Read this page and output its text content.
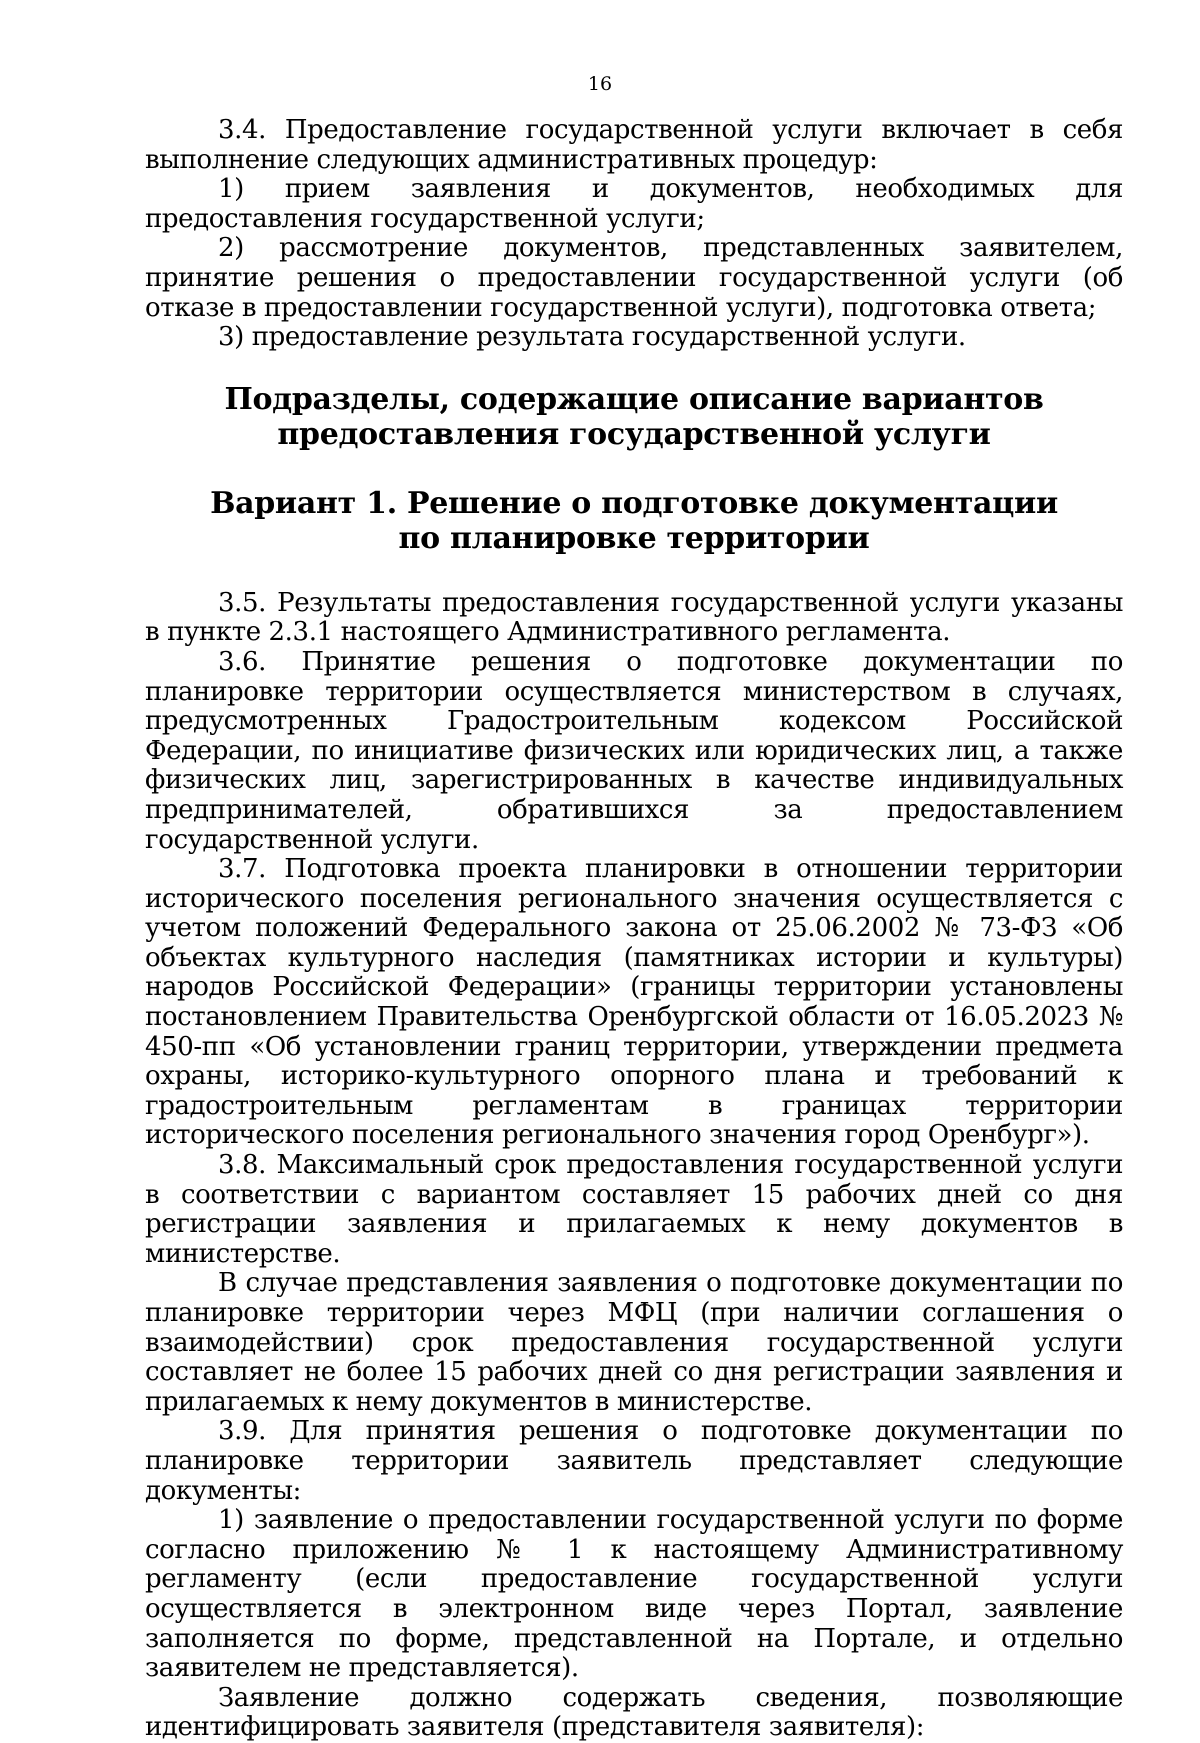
16

3.4. Предоставление государственной услуги включает в себя выполнение следующих административных процедур:

1) прием заявления и документов, необходимых для предоставления государственной услуги;

2) рассмотрение документов, представленных заявителем, принятие решения о предоставлении государственной услуги (об отказе в предоставлении государственной услуги), подготовка ответа;

3) предоставление результата государственной услуги.

Подразделы, содержащие описание вариантов предоставления государственной услуги
Вариант 1. Решение о подготовке документации по планировке территории

3.5. Результаты предоставления государственной услуги указаны в пункте 2.3.1 настоящего Административного регламента.

3.6. Принятие решения о подготовке документации по планировке территории осуществляется министерством в случаях, предусмотренных Градостроительным кодексом Российской Федерации, по инициативе физических или юридических лиц, а также физических лиц, зарегистрированных в качестве индивидуальных предпринимателей, обратившихся за предоставлением государственной услуги.

3.7. Подготовка проекта планировки в отношении территории исторического поселения регионального значения осуществляется с учетом положений Федерального закона от 25.06.2002 № 73-ФЗ «Об объектах культурного наследия (памятниках истории и культуры) народов Российской Федерации» (границы территории установлены постановлением Правительства Оренбургской области от 16.05.2023 № 450-пп «Об установлении границ территории, утверждении предмета охраны, историко-культурного опорного плана и требований к градостроительным регламентам в границах территории исторического поселения регионального значения город Оренбург»).

3.8. Максимальный срок предоставления государственной услуги в соответствии с вариантом составляет 15 рабочих дней со дня регистрации заявления и прилагаемых к нему документов в министерстве.

В случае представления заявления о подготовке документации по планировке территории через МФЦ (при наличии соглашения о взаимодействии) срок предоставления государственной услуги составляет не более 15 рабочих дней со дня регистрации заявления и прилагаемых к нему документов в министерстве.

3.9. Для принятия решения о подготовке документации по планировке территории заявитель представляет следующие документы:

1) заявление о предоставлении государственной услуги по форме согласно приложению № 1 к настоящему Административному регламенту (если предоставление государственной услуги осуществляется в электронном виде через Портал, заявление заполняется по форме, представленной на Портале, и отдельно заявителем не представляется).

Заявление должно содержать сведения, позволяющие идентифицировать заявителя (представителя заявителя):
